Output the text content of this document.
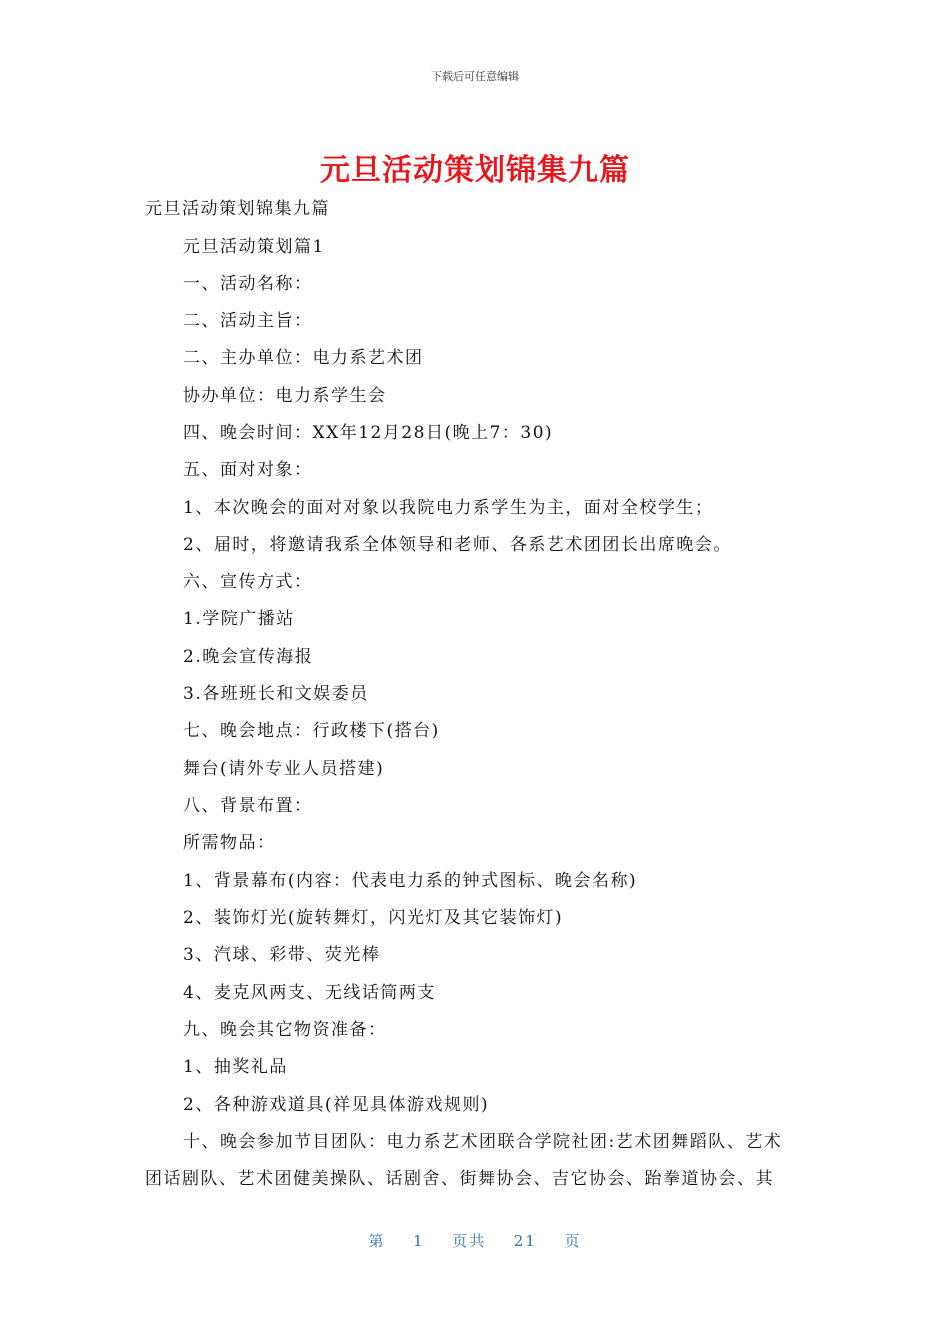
下载后可任意编辑
元旦活动策划锦集九篇
元旦活动策划锦集九篇
元旦活动策划篇1
一、活动名称：
二、活动主旨：
二、主办单位：电力系艺术团
协办单位：电力系学生会
四、晚会时间：XX年12月28日(晚上7：30)
五、面对对象：
1、本次晚会的面对对象以我院电力系学生为主，面对全校学生；
2、届时，将邀请我系全体领导和老师、各系艺术团团长出席晚会。
六、宣传方式：
1.学院广播站
2.晚会宣传海报
3.各班班长和文娱委员
七、晚会地点：行政楼下(搭台)
舞台(请外专业人员搭建)
八、背景布置：
所需物品：
1、背景幕布(内容：代表电力系的钟式图标、晚会名称)
2、装饰灯光(旋转舞灯，闪光灯及其它装饰灯)
3、汽球、彩带、荧光棒
4、麦克风两支、无线话筒两支
九、晚会其它物资准备：
1、抽奖礼品
2、各种游戏道具(祥见具体游戏规则)
十、晚会参加节目团队：电力系艺术团联合学院社团:艺术团舞蹈队、艺术
团话剧队、艺术团健美操队、话剧舍、街舞协会、吉它协会、跆拳道协会、其
第 1 页共 21 页
